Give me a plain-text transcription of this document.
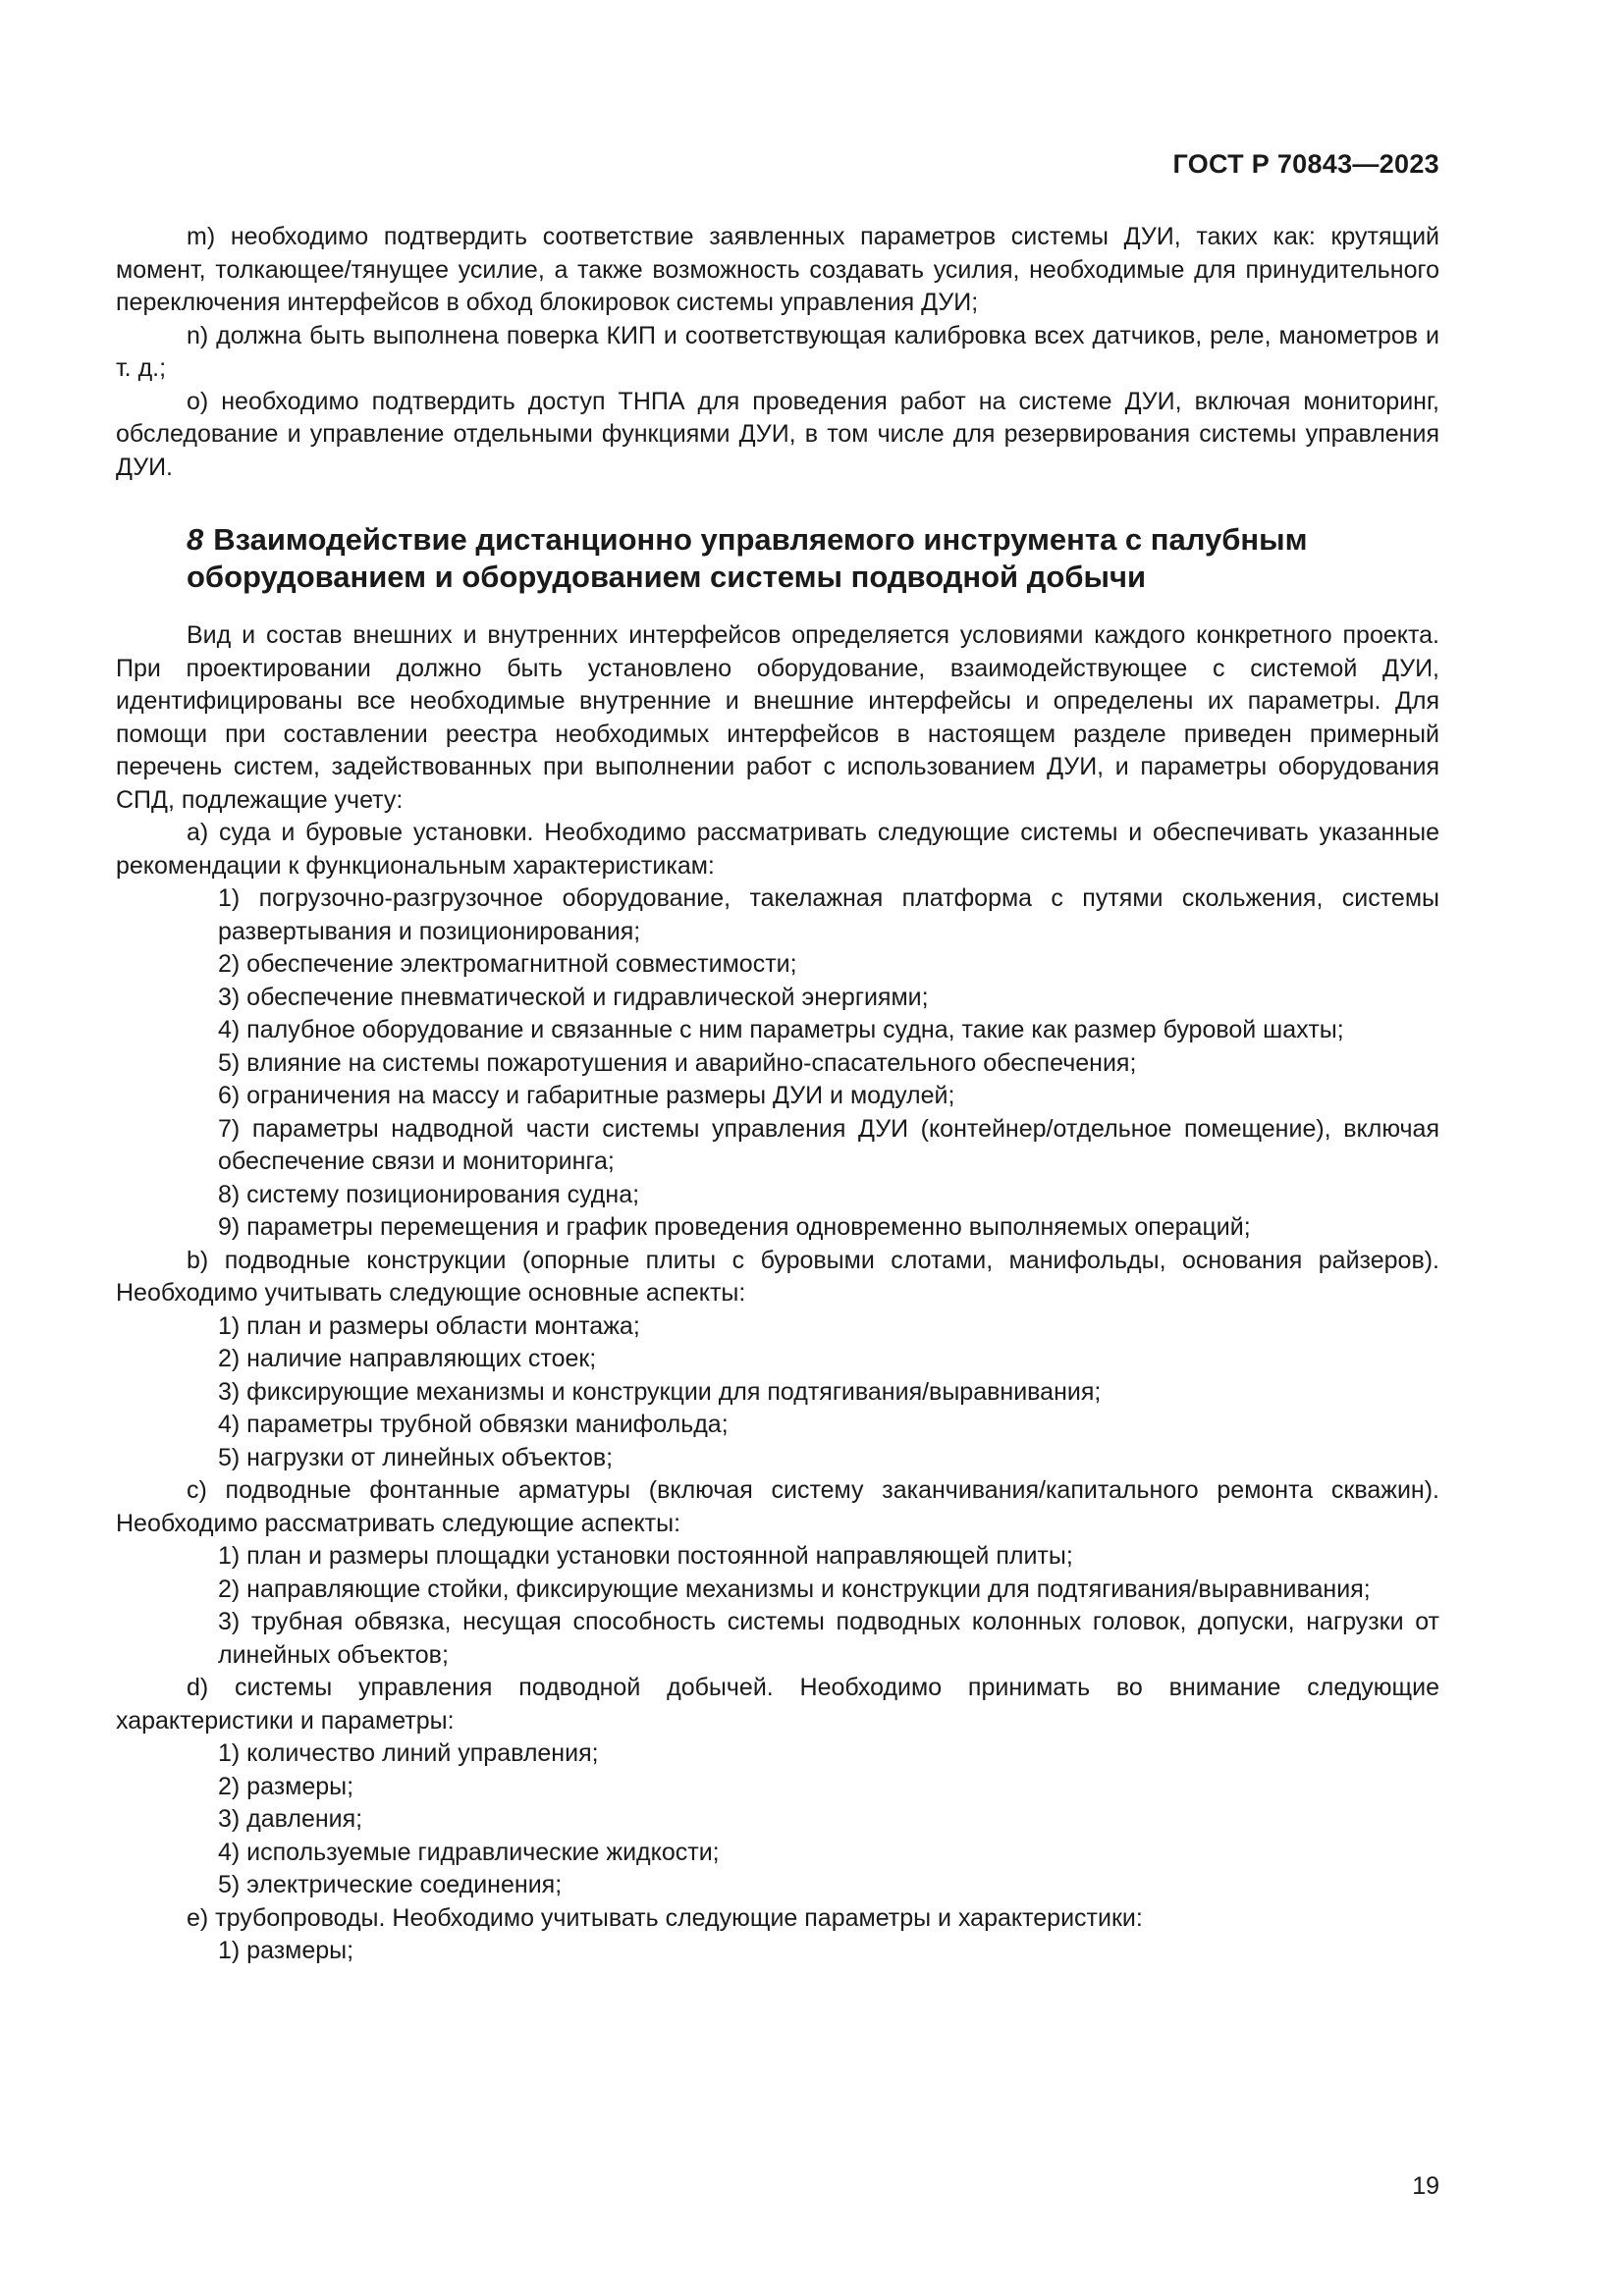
ГОСТ Р 70843—2023

m) необходимо подтвердить соответствие заявленных параметров системы ДУИ, таких как: крутящий момент, толкающее/тянущее усилие, а также возможность создавать усилия, необходимые для принудительного переключения интерфейсов в обход блокировок системы управления ДУИ;

n) должна быть выполнена поверка КИП и соответствующая калибровка всех датчиков, реле, манометров и т. д.;

o) необходимо подтвердить доступ ТНПА для проведения работ на системе ДУИ, включая мониторинг, обследование и управление отдельными функциями ДУИ, в том числе для резервирования системы управления ДУИ.

8 Взаимодействие дистанционно управляемого инструмента с палубным оборудованием и оборудованием системы подводной добычи

Вид и состав внешних и внутренних интерфейсов определяется условиями каждого конкретного проекта. При проектировании должно быть установлено оборудование, взаимодействующее с системой ДУИ, идентифицированы все необходимые внутренние и внешние интерфейсы и определены их параметры. Для помощи при составлении реестра необходимых интерфейсов в настоящем разделе приведен примерный перечень систем, задействованных при выполнении работ с использованием ДУИ, и параметры оборудования СПД, подлежащие учету:

a) суда и буровые установки. Необходимо рассматривать следующие системы и обеспечивать указанные рекомендации к функциональным характеристикам:

1) погрузочно-разгрузочное оборудование, такелажная платформа с путями скольжения, системы развертывания и позиционирования;

2) обеспечение электромагнитной совместимости;

3) обеспечение пневматической и гидравлической энергиями;

4) палубное оборудование и связанные с ним параметры судна, такие как размер буровой шахты;

5) влияние на системы пожаротушения и аварийно-спасательного обеспечения;

6) ограничения на массу и габаритные размеры ДУИ и модулей;

7) параметры надводной части системы управления ДУИ (контейнер/отдельное помещение), включая обеспечение связи и мониторинга;

8) систему позиционирования судна;

9) параметры перемещения и график проведения одновременно выполняемых операций;

b) подводные конструкции (опорные плиты с буровыми слотами, манифольды, основания райзеров). Необходимо учитывать следующие основные аспекты:

1) план и размеры области монтажа;

2) наличие направляющих стоек;

3) фиксирующие механизмы и конструкции для подтягивания/выравнивания;

4) параметры трубной обвязки манифольда;

5) нагрузки от линейных объектов;

c) подводные фонтанные арматуры (включая систему заканчивания/капитального ремонта скважин). Необходимо рассматривать следующие аспекты:

1) план и размеры площадки установки постоянной направляющей плиты;

2) направляющие стойки, фиксирующие механизмы и конструкции для подтягивания/выравнивания;

3) трубная обвязка, несущая способность системы подводных колонных головок, допуски, нагрузки от линейных объектов;

d) системы управления подводной добычей. Необходимо принимать во внимание следующие характеристики и параметры:

1) количество линий управления;

2) размеры;

3) давления;

4) используемые гидравлические жидкости;

5) электрические соединения;

e) трубопроводы. Необходимо учитывать следующие параметры и характеристики:

1) размеры;

19
